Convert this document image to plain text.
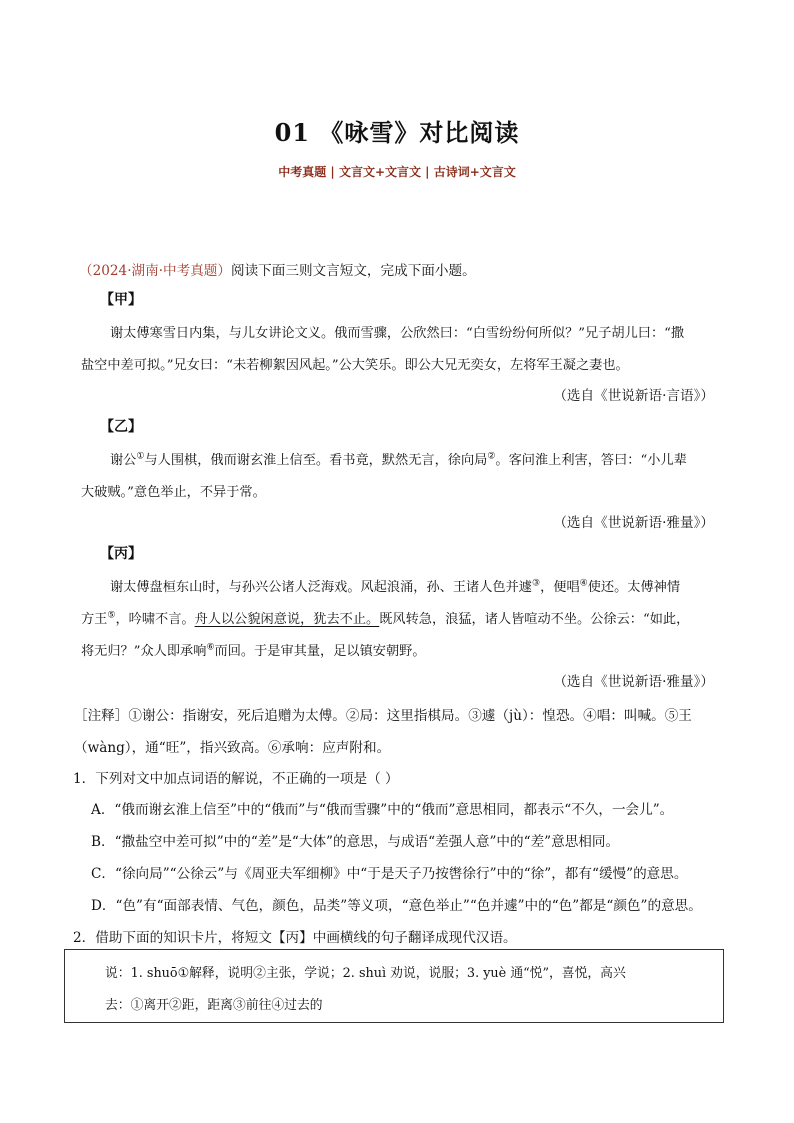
01 《咏雪》对比阅读
中考真题 | 文言文+文言文 | 古诗词+文言文
（2024·湖南·中考真题）阅读下面三则文言短文，完成下面小题。
【甲】
谢太傅寒雪日内集，与儿女讲论文义。俄而雪骤，公欣然曰：“白雪纷纷何所似？”兄子胡儿曰：“撒
盐空中差可拟。”兄女曰：“未若柳絮因风起。”公大笑乐。即公大兄无奕女，左将军王凝之妻也。
（选自《世说新语·言语》）
【乙】
谢公①与人围棋，俄而谢玄淮上信至。看书竟，默然无言，徐向局②。客问淮上利害，答曰：“小儿辈
大破贼。”意色举止，不异于常。
（选自《世说新语·雅量》）
【丙】
谢太傅盘桓东山时，与孙兴公诸人泛海戏。风起浪涌，孙、王诸人色并遽③，便唱④使还。太傅神情
方王⑤，吟啸不言。舟人以公貌闲意说，犹去不止。既风转急，浪猛，诸人皆喧动不坐。公徐云：“如此，
将无归？”众人即承响⑥而回。于是审其量，足以镇安朝野。
（选自《世说新语·雅量》）
［注释］①谢公：指谢安，死后追赠为太傅。②局：这里指棋局。③遽（jù）：惶恐。④唱：叫喊。⑤王
（wàng），通“旺”，指兴致高。⑥承响：应声附和。
1．下列对文中加点词语的解说，不正确的一项是（ ）
A．“俄而谢玄淮上信至”中的“俄而”与“俄而雪骤”中的“俄而”意思相同，都表示“不久，一会儿”。
B．“撒盐空中差可拟”中的“差”是“大体”的意思，与成语“差强人意”中的“差”意思相同。
C．“徐向局”“公徐云”与《周亚夫军细柳》中“于是天子乃按辔徐行”中的“徐”，都有“缓慢”的意思。
D．“色”有“面部表情、气色，颜色，品类”等义项，“意色举止”“色并遽”中的“色”都是“颜色”的意思。
2．借助下面的知识卡片，将短文【丙】中画横线的句子翻译成现代汉语。
说：1. shuō①解释，说明②主张，学说；2. shuì 劝说，说服；3. yuè 通“悦”，喜悦，高兴
去：①离开②距，距离③前往④过去的
